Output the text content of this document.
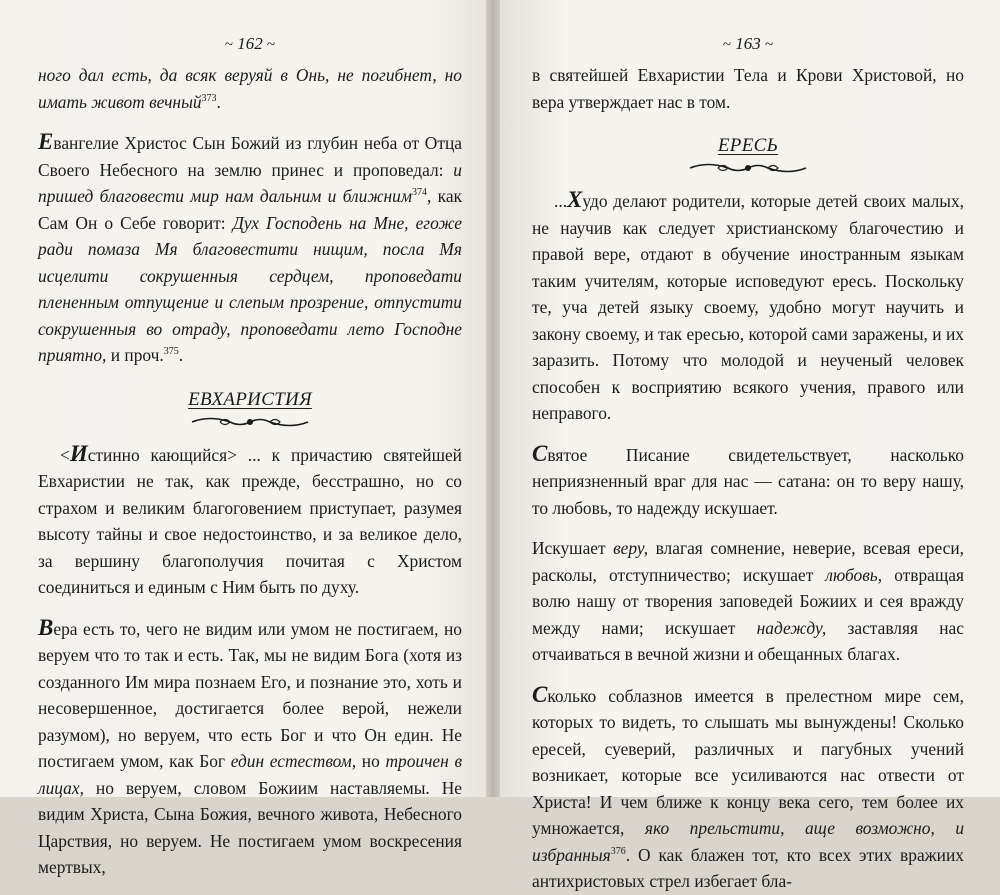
~ 162 ~

ного дал есть, да всяк веруяй в Онь, не погибнет, но имать живот вечный$^{373}$.

Евангелие Христос Сын Божий из глубин неба от Отца Своего Небесного на землю принес и проповедал: и пришед благовести мир нам дальним и ближним$^{374}$, как Сам Он о Себе говорит: Дух Господень на Мне, егоже ради помаза Мя благовестити нищим, посла Мя исцелити сокрушенныя сердцем, проповедати плененным отпущение и слепым прозрение, отпустити сокрушенныя во отраду, проповедати лето Господне приятно, и проч.$^{375}$.

ЕВХАРИСТИЯ

<Истинно кающийся> ... к причастию святейшей Евхаристии не так, как прежде, бесстрашно, но со страхом и великим благоговением приступает, разумея высоту тайны и свое недостоинство, и за великое дело, за вершину благополучия почитая с Христом соединиться и единым с Ним быть по духу.

Вера есть то, чего не видим или умом не постигаем, но веруем что то так и есть. Так, мы не видим Бога (хотя из созданного Им мира познаем Его, и познание это, хоть и несовершенное, достигается более верой, нежели разумом), но веруем, что есть Бог и что Он един. Не постигаем умом, как Бог един естеством, но троичен в лицах, но веруем, словом Божиим наставляемы. Не видим Христа, Сына Божия, вечного живота, Небесного Царствия, но веруем. Не постигаем умом воскресения мертвых,

~ 163 ~

в святейшей Евхаристии Тела и Крови Христовой, но вера утверждает нас в том.

ЕРЕСЬ

...Худо делают родители, которые детей своих малых, не научив как следует христианскому благочестию и правой вере, отдают в обучение иностранным языкам таким учителям, которые исповедуют ересь. Поскольку те, уча детей языку своему, удобно могут научить и закону своему, и так ересью, которой сами заражены, и их заразить. Потому что молодой и неученый человек способен к восприятию всякого учения, правого или неправого.

Святое Писание свидетельствует, насколько неприязненный враг для нас — сатана: он то веру нашу, то любовь, то надежду искушает.

Искушает веру, влагая сомнение, неверие, всевая ереси, расколы, отступничество; искушает любовь, отвращая волю нашу от творения заповедей Божиих и сея вражду между нами; искушает надежду, заставляя нас отчаиваться в вечной жизни и обещанных благах.

Сколько соблазнов имеется в прелестном мире сем, которых то видеть, то слышать мы вынуждены! Сколько ересей, суеверий, различных и пагубных учений возникает, которые все усиливаются нас отвести от Христа! И чем ближе к концу века сего, тем более их умножается, яко прельстити, аще возможно, и избранныя$^{376}$. О как блажен тот, кто всех этих вражиих антихристовых стрел избегает бла-
